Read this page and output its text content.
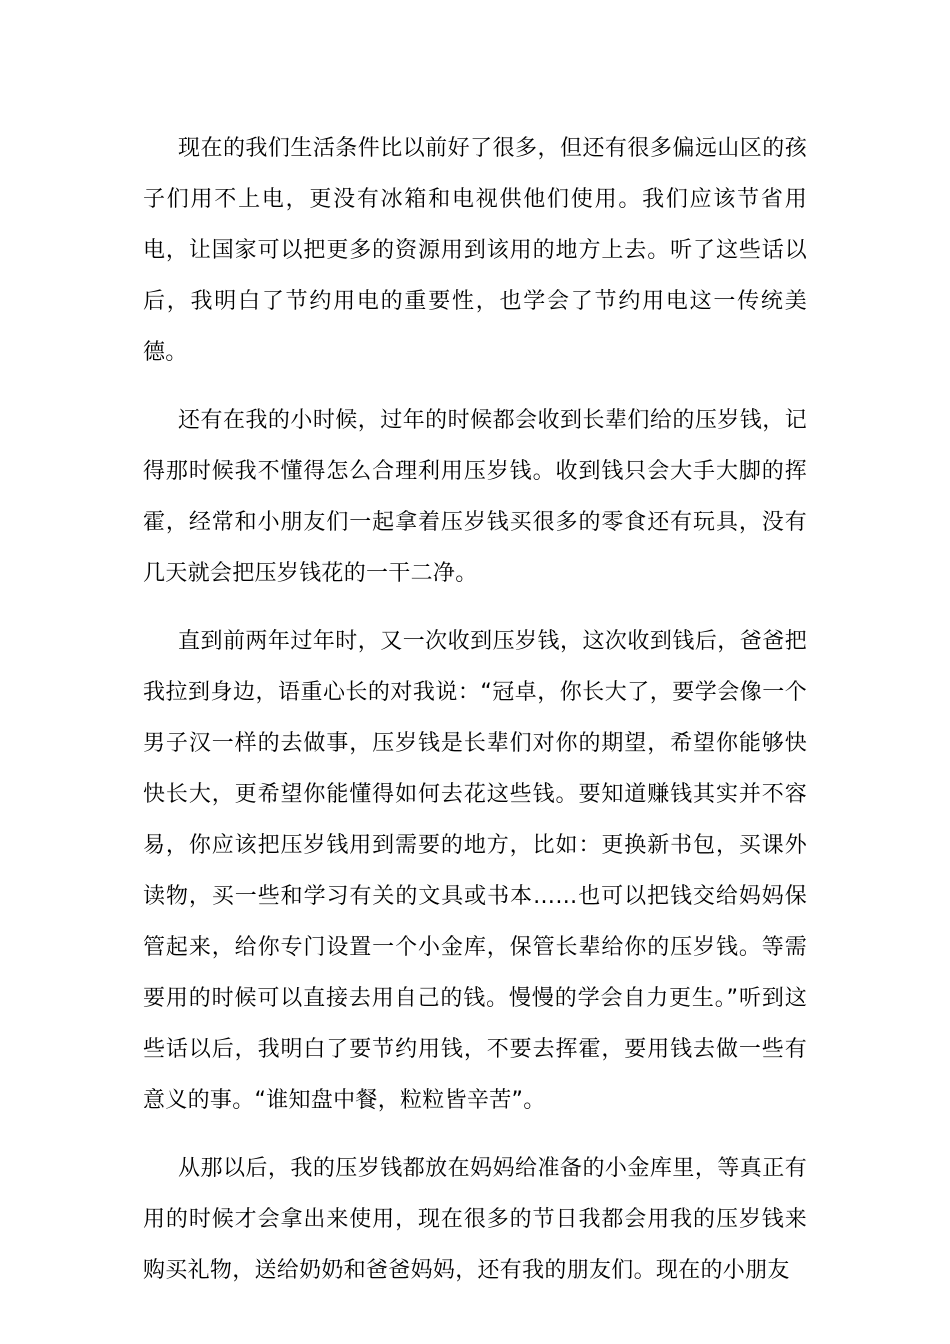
现在的我们生活条件比以前好了很多，但还有很多偏远山区的孩子们用不上电，更没有冰箱和电视供他们使用。我们应该节省用电，让国家可以把更多的资源用到该用的地方上去。听了这些话以后，我明白了节约用电的重要性，也学会了节约用电这一传统美德。

还有在我的小时候，过年的时候都会收到长辈们给的压岁钱，记得那时候我不懂得怎么合理利用压岁钱。收到钱只会大手大脚的挥霍，经常和小朋友们一起拿着压岁钱买很多的零食还有玩具，没有几天就会把压岁钱花的一干二净。

直到前两年过年时，又一次收到压岁钱，这次收到钱后，爸爸把我拉到身边，语重心长的对我说：“冠卓，你长大了，要学会像一个男子汉一样的去做事，压岁钱是长辈们对你的期望，希望你能够快快长大，更希望你能懂得如何去花这些钱。要知道赚钱其实并不容易，你应该把压岁钱用到需要的地方，比如：更换新书包，买课外读物，买一些和学习有关的文具或书本……也可以把钱交给妈妈保管起来，给你专门设置一个小金库，保管长辈给你的压岁钱。等需要用的时候可以直接去用自己的钱。慢慢的学会自力更生。”听到这些话以后，我明白了要节约用钱，不要去挥霍，要用钱去做一些有意义的事。“谁知盘中餐，粒粒皆辛苦”。

从那以后，我的压岁钱都放在妈妈给准备的小金库里，等真正有用的时候才会拿出来使用，现在很多的节日我都会用我的压岁钱来购买礼物，送给奶奶和爸爸妈妈，还有我的朋友们。现在的小朋友
